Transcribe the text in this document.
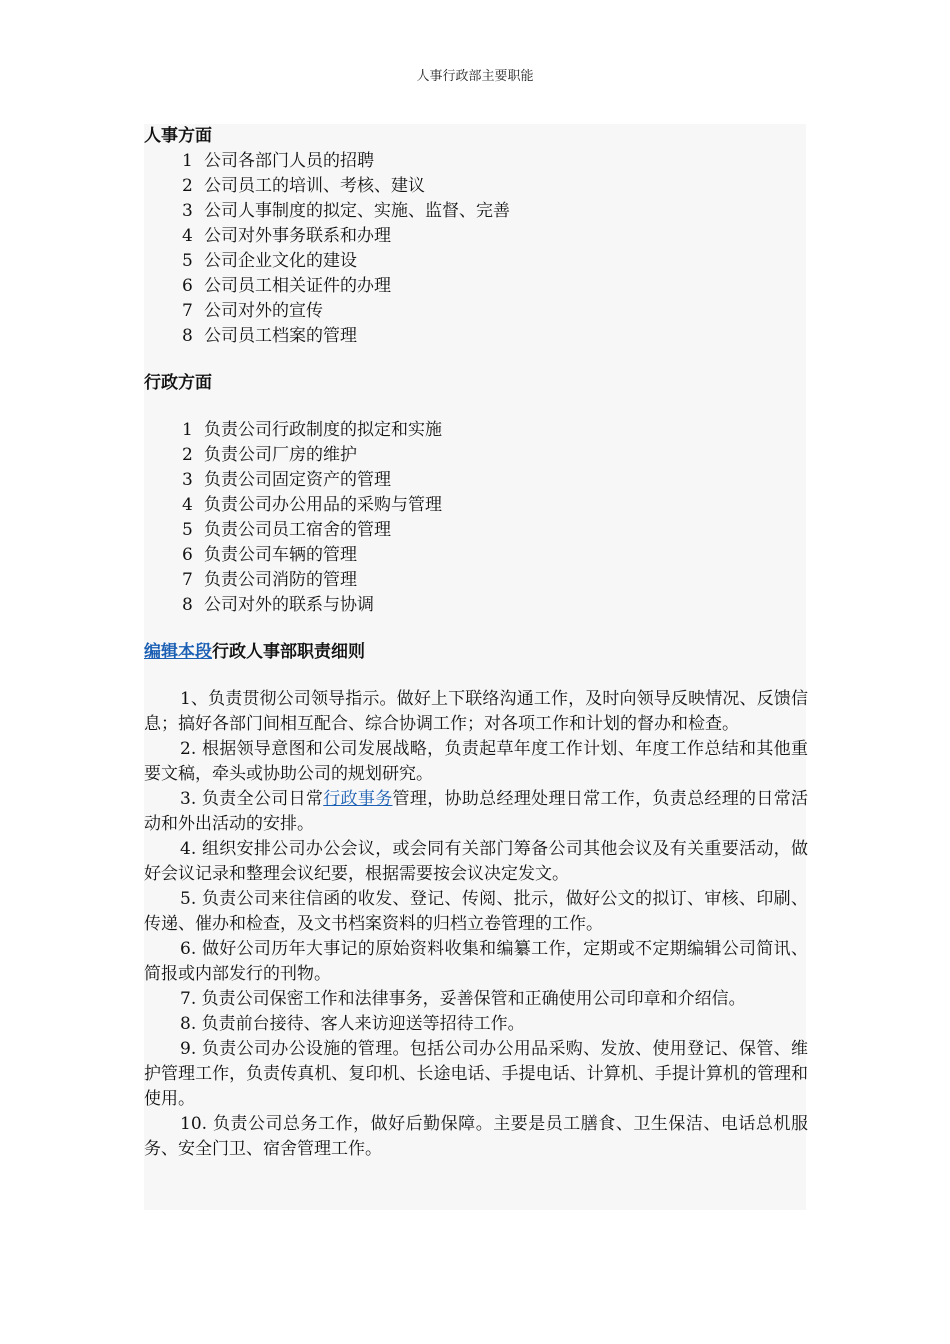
人事行政部主要职能
人事方面
1 公司各部门人员的招聘
2 公司员工的培训、考核、建议
3 公司人事制度的拟定、实施、监督、完善
4 公司对外事务联系和办理
5 公司企业文化的建设
6 公司员工相关证件的办理
7 公司对外的宣传
8 公司员工档案的管理
行政方面
1 负责公司行政制度的拟定和实施
2 负责公司厂房的维护
3 负责公司固定资产的管理
4 负责公司办公用品的采购与管理
5 负责公司员工宿舍的管理
6 负责公司车辆的管理
7 负责公司消防的管理
8 公司对外的联系与协调
编辑本段行政人事部职责细则

1、负责贯彻公司领导指示。做好上下联络沟通工作，及时向领导反映情况、反馈信息；搞好各部门间相互配合、综合协调工作；对各项工作和计划的督办和检查。

2. 根据领导意图和公司发展战略，负责起草年度工作计划、年度工作总结和其他重要文稿，牵头或协助公司的规划研究。

3. 负责全公司日常行政事务管理，协助总经理处理日常工作，负责总经理的日常活动和外出活动的安排。

4. 组织安排公司办公会议，或会同有关部门筹备公司其他会议及有关重要活动，做好会议记录和整理会议纪要，根据需要按会议决定发文。

5. 负责公司来往信函的收发、登记、传阅、批示，做好公文的拟订、审核、印刷、传递、催办和检查，及文书档案资料的归档立卷管理的工作。

6. 做好公司历年大事记的原始资料收集和编纂工作，定期或不定期编辑公司简讯、简报或内部发行的刊物。

7. 负责公司保密工作和法律事务，妥善保管和正确使用公司印章和介绍信。

8. 负责前台接待、客人来访迎送等招待工作。

9. 负责公司办公设施的管理。包括公司办公用品采购、发放、使用登记、保管、维护管理工作，负责传真机、复印机、长途电话、手提电话、计算机、手提计算机的管理和使用。

10. 负责公司总务工作，做好后勤保障。主要是员工膳食、卫生保洁、电话总机服务、安全门卫、宿舍管理工作。
